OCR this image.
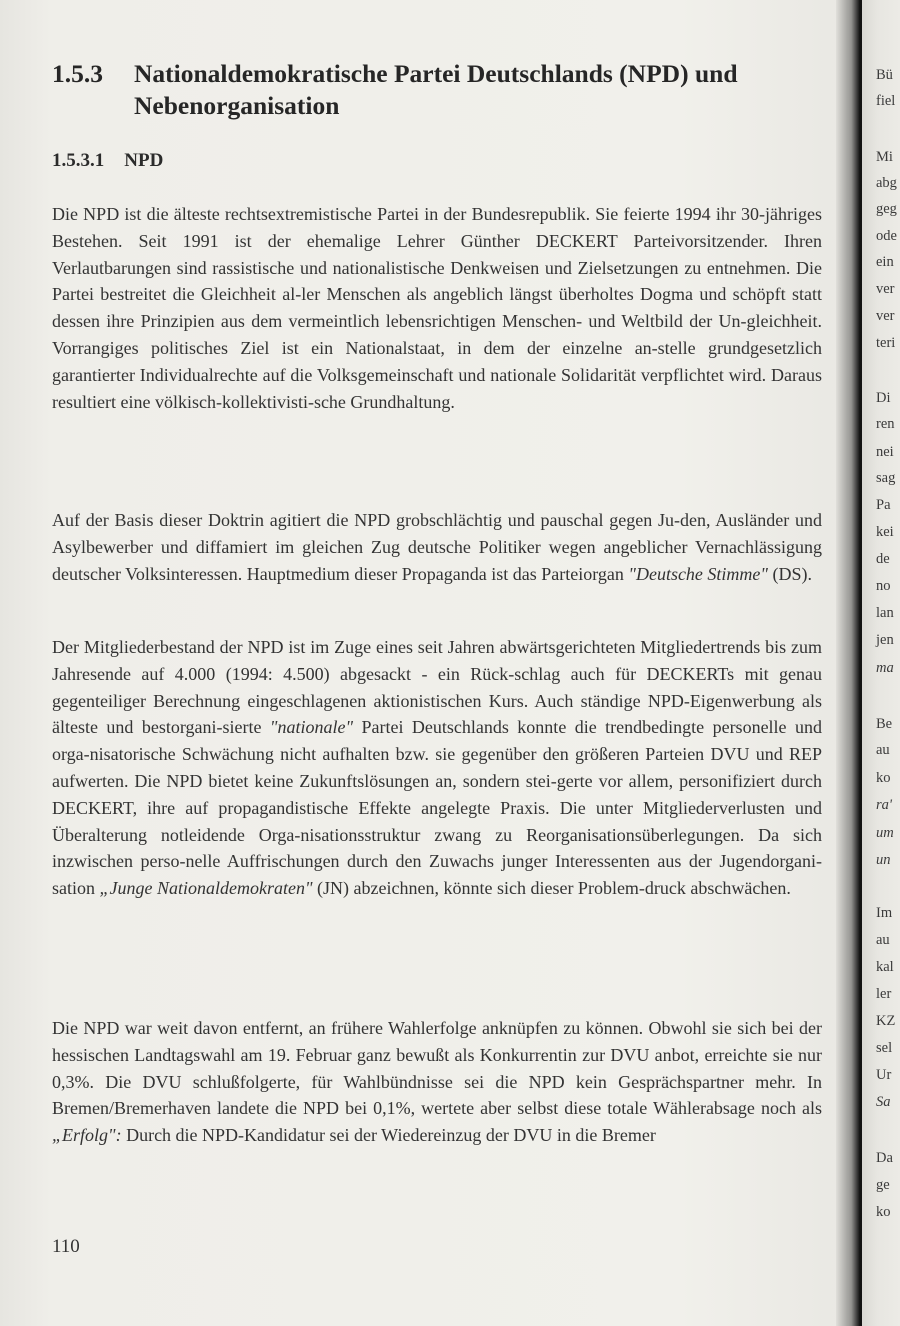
1.5.3 Nationaldemokratische Partei Deutschlands (NPD) und Nebenorganisation
1.5.3.1 NPD

Die NPD ist die älteste rechtsextremistische Partei in der Bundesrepublik. Sie feierte 1994 ihr 30-jähriges Bestehen. Seit 1991 ist der ehemalige Lehrer Günther DECKERT Parteivorsitzender. Ihren Verlautbarungen sind rassistische und nationalistische Denkweisen und Zielsetzungen zu entnehmen. Die Partei bestreitet die Gleichheit al-ler Menschen als angeblich längst überholtes Dogma und schöpft statt dessen ihre Prinzipien aus dem vermeintlich lebensrichtigen Menschen- und Weltbild der Un-gleichheit. Vorrangiges politisches Ziel ist ein Nationalstaat, in dem der einzelne an-stelle grundgesetzlich garantierter Individualrechte auf die Volksgemeinschaft und nationale Solidarität verpflichtet wird. Daraus resultiert eine völkisch-kollektivisti-sche Grundhaltung.

Auf der Basis dieser Doktrin agitiert die NPD grobschlächtig und pauschal gegen Ju-den, Ausländer und Asylbewerber und diffamiert im gleichen Zug deutsche Politiker wegen angeblicher Vernachlässigung deutscher Volksinteressen. Hauptmedium dieser Propaganda ist das Parteiorgan "Deutsche Stimme" (DS).

Der Mitgliederbestand der NPD ist im Zuge eines seit Jahren abwärtsgerichteten Mitgliedertrends bis zum Jahresende auf 4.000 (1994: 4.500) abgesackt - ein Rück-schlag auch für DECKERTs mit genau gegenteiliger Berechnung eingeschlagenen aktionistischen Kurs. Auch ständige NPD-Eigenwerbung als älteste und bestorgani-sierte "nationale" Partei Deutschlands konnte die trendbedingte personelle und orga-nisatorische Schwächung nicht aufhalten bzw. sie gegenüber den größeren Parteien DVU und REP aufwerten. Die NPD bietet keine Zukunftslösungen an, sondern stei-gerte vor allem, personifiziert durch DECKERT, ihre auf propagandistische Effekte angelegte Praxis. Die unter Mitgliederverlusten und Überalterung notleidende Orga-nisationsstruktur zwang zu Reorganisationsüberlegungen. Da sich inzwischen perso-nelle Auffrischungen durch den Zuwachs junger Interessenten aus der Jugendorgani-sation „Junge Nationaldemokraten" (JN) abzeichnen, könnte sich dieser Problem-druck abschwächen.

Die NPD war weit davon entfernt, an frühere Wahlerfolge anknüpfen zu können. Obwohl sie sich bei der hessischen Landtagswahl am 19. Februar ganz bewußt als Konkurrentin zur DVU anbot, erreichte sie nur 0,3%. Die DVU schlußfolgerte, für Wahlbündnisse sei die NPD kein Gesprächspartner mehr. In Bremen/Bremerhaven landete die NPD bei 0,1%, wertete aber selbst diese totale Wählerabsage noch als „Erfolg": Durch die NPD-Kandidatur sei der Wiedereinzug der DVU in die Bremer

110
Bü
fiel
Mi
abg
geg
ode
ein
ver
ver
teri
Di
ren
nei
sag
Pa
kei
de
no
lan
jen
ma
Be
au
ko
ra'
um
un
Im
au
kal
ler
KZ
sel
Ur
Sa
Da
ge
ko
